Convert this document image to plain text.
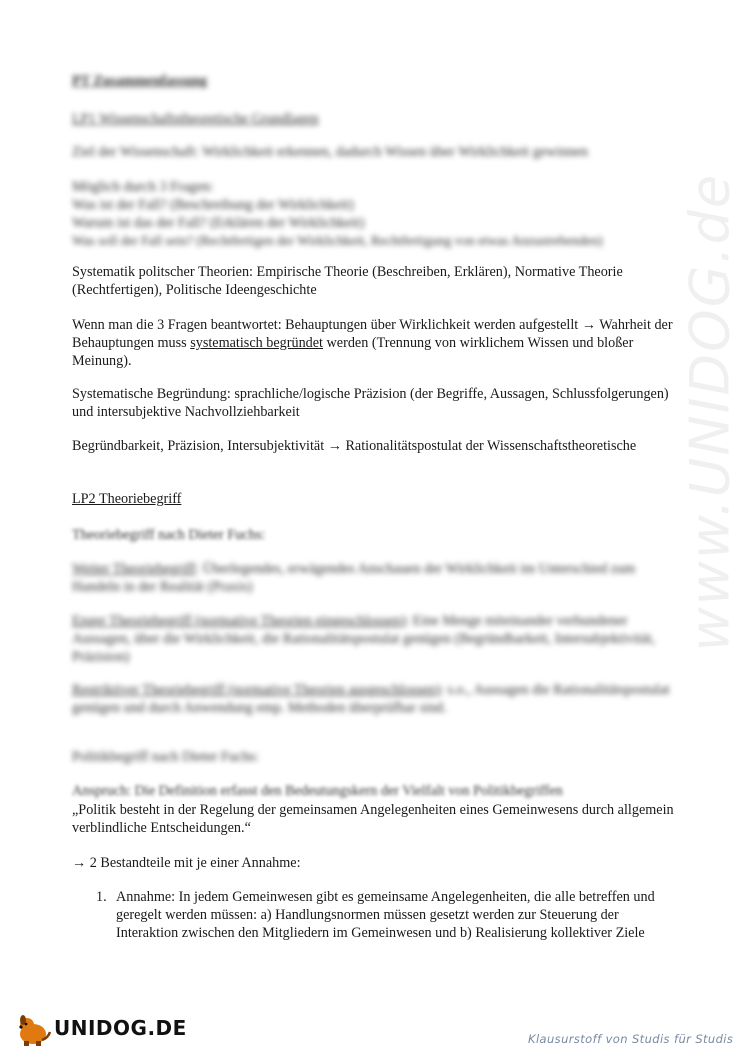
PT Zusammenfassung

LP1 Wissenschaftstheoretische Grundlagen

Ziel der Wissenschaft: Wirklichkeit erkennen, dadurch Wissen über Wirklichkeit gewinnen

Möglich durch 3 Fragen:
Was ist der Fall? (Beschreibung der Wirklichkeit)
Warum ist das der Fall? (Erklären der Wirklichkeit)
Was soll der Fall sein? (Rechtfertigen der Wirklichkeit, Rechtfertigung von etwas Anzustrebenden)

Systematik politscher Theorien: Empirische Theorie (Beschreiben, Erklären), Normative Theorie (Rechtfertigen), Politische Ideengeschichte

Wenn man die 3 Fragen beantwortet: Behauptungen über Wirklichkeit werden aufgestellt → Wahrheit der Behauptungen muss systematisch begründet werden (Trennung von wirklichem Wissen und bloßer Meinung).

Systematische Begründung: sprachliche/logische Präzision (der Begriffe, Aussagen, Schlussfolgerungen) und intersubjektive Nachvollziehbarkeit

Begründbarkeit, Präzision, Intersubjektivität → Rationalitätspostulat der Wissenschaftstheoretische

LP2 Theoriebegriff

Theoriebegriff nach Dieter Fuchs:

Weiter Theoriebegriff: Überlegendes, erwägendes Anschauen der Wirklichkeit im Unterschied zum Handeln in der Realität (Praxis)

Enger Theoriebegriff (normative Theorien eingeschlossen): Eine Menge miteinander verbundener Aussagen, über die Wirklichkeit, die Rationalitätspostulat genügen (Begründbarkeit, Intersubjektivität, Präzision)

Restriktiver Theoriebegriff (normative Theorien ausgeschlossen): s.o., Aussagen die Rationalitätspostulat genügen und durch Anwendung emp. Methoden überprüfbar sind.

Politikbegriff nach Dieter Fuchs:

Anspruch: Die Definition erfasst den Bedeutungskern der Vielfalt von Politikbegriffen

„Politik besteht in der Regelung der gemeinsamen Angelegenheiten eines Gemeinwesens durch allgemein verblindliche Entscheidungen.“

→ 2 Bestandteile mit je einer Annahme:

1. Annahme: In jedem Gemeinwesen gibt es gemeinsame Angelegenheiten, die alle betreffen und geregelt werden müssen: a) Handlungsnormen müssen gesetzt werden zur Steuerung der Interaktion zwischen den Mitgliedern im Gemeinwesen und b) Realisierung kollektiver Ziele
www.UNIDOG.de
UNIDOG.DE	Klausurstoff von Studis für Studis
